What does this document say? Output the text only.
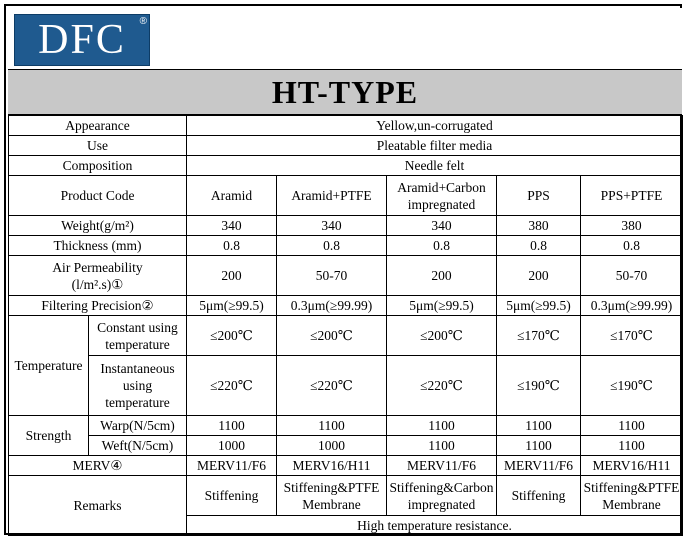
DFC	®
HT-TYPE
Appearance		Yellow,un-corrugated				
Use		Pleatable filter media				
Composition		Needle felt				
Product Code		Aramid	Aramid+PTFE	Aramid+Carbon impregnated	PPS	PPS+PTFE
Weight(g/m²)		340	340	340	380	380
Thickness (mm)		0.8	0.8	0.8	0.8	0.8

Air Permeability
(l/m².s)①		200	50-70	200	200	50-70
Filtering Precision②		5μm(≥99.5)	0.3μm(≥99.99)	5μm(≥99.5)	5μm(≥99.5)	0.3μm(≥99.99)
Temperature	Constant using temperature	≤200℃	≤200℃	≤200℃	≤170℃	≤170℃
	Instantaneous using temperature	≤220℃	≤220℃	≤220℃	≤190℃	≤190℃
Strength	Warp(N/5cm)	1100	1100	1100	1100	1100
	Weft(N/5cm)	1000	1000	1100	1100	1100
MERV④		MERV11/F6	MERV16/H11	MERV11/F6	MERV11/F6	MERV16/H11
Remarks		Stiffening	Stiffening&PTFE Membrane	Stiffening&Carbon impregnated	Stiffening	Stiffening&PTFE Membrane
		High temperature resistance.				
